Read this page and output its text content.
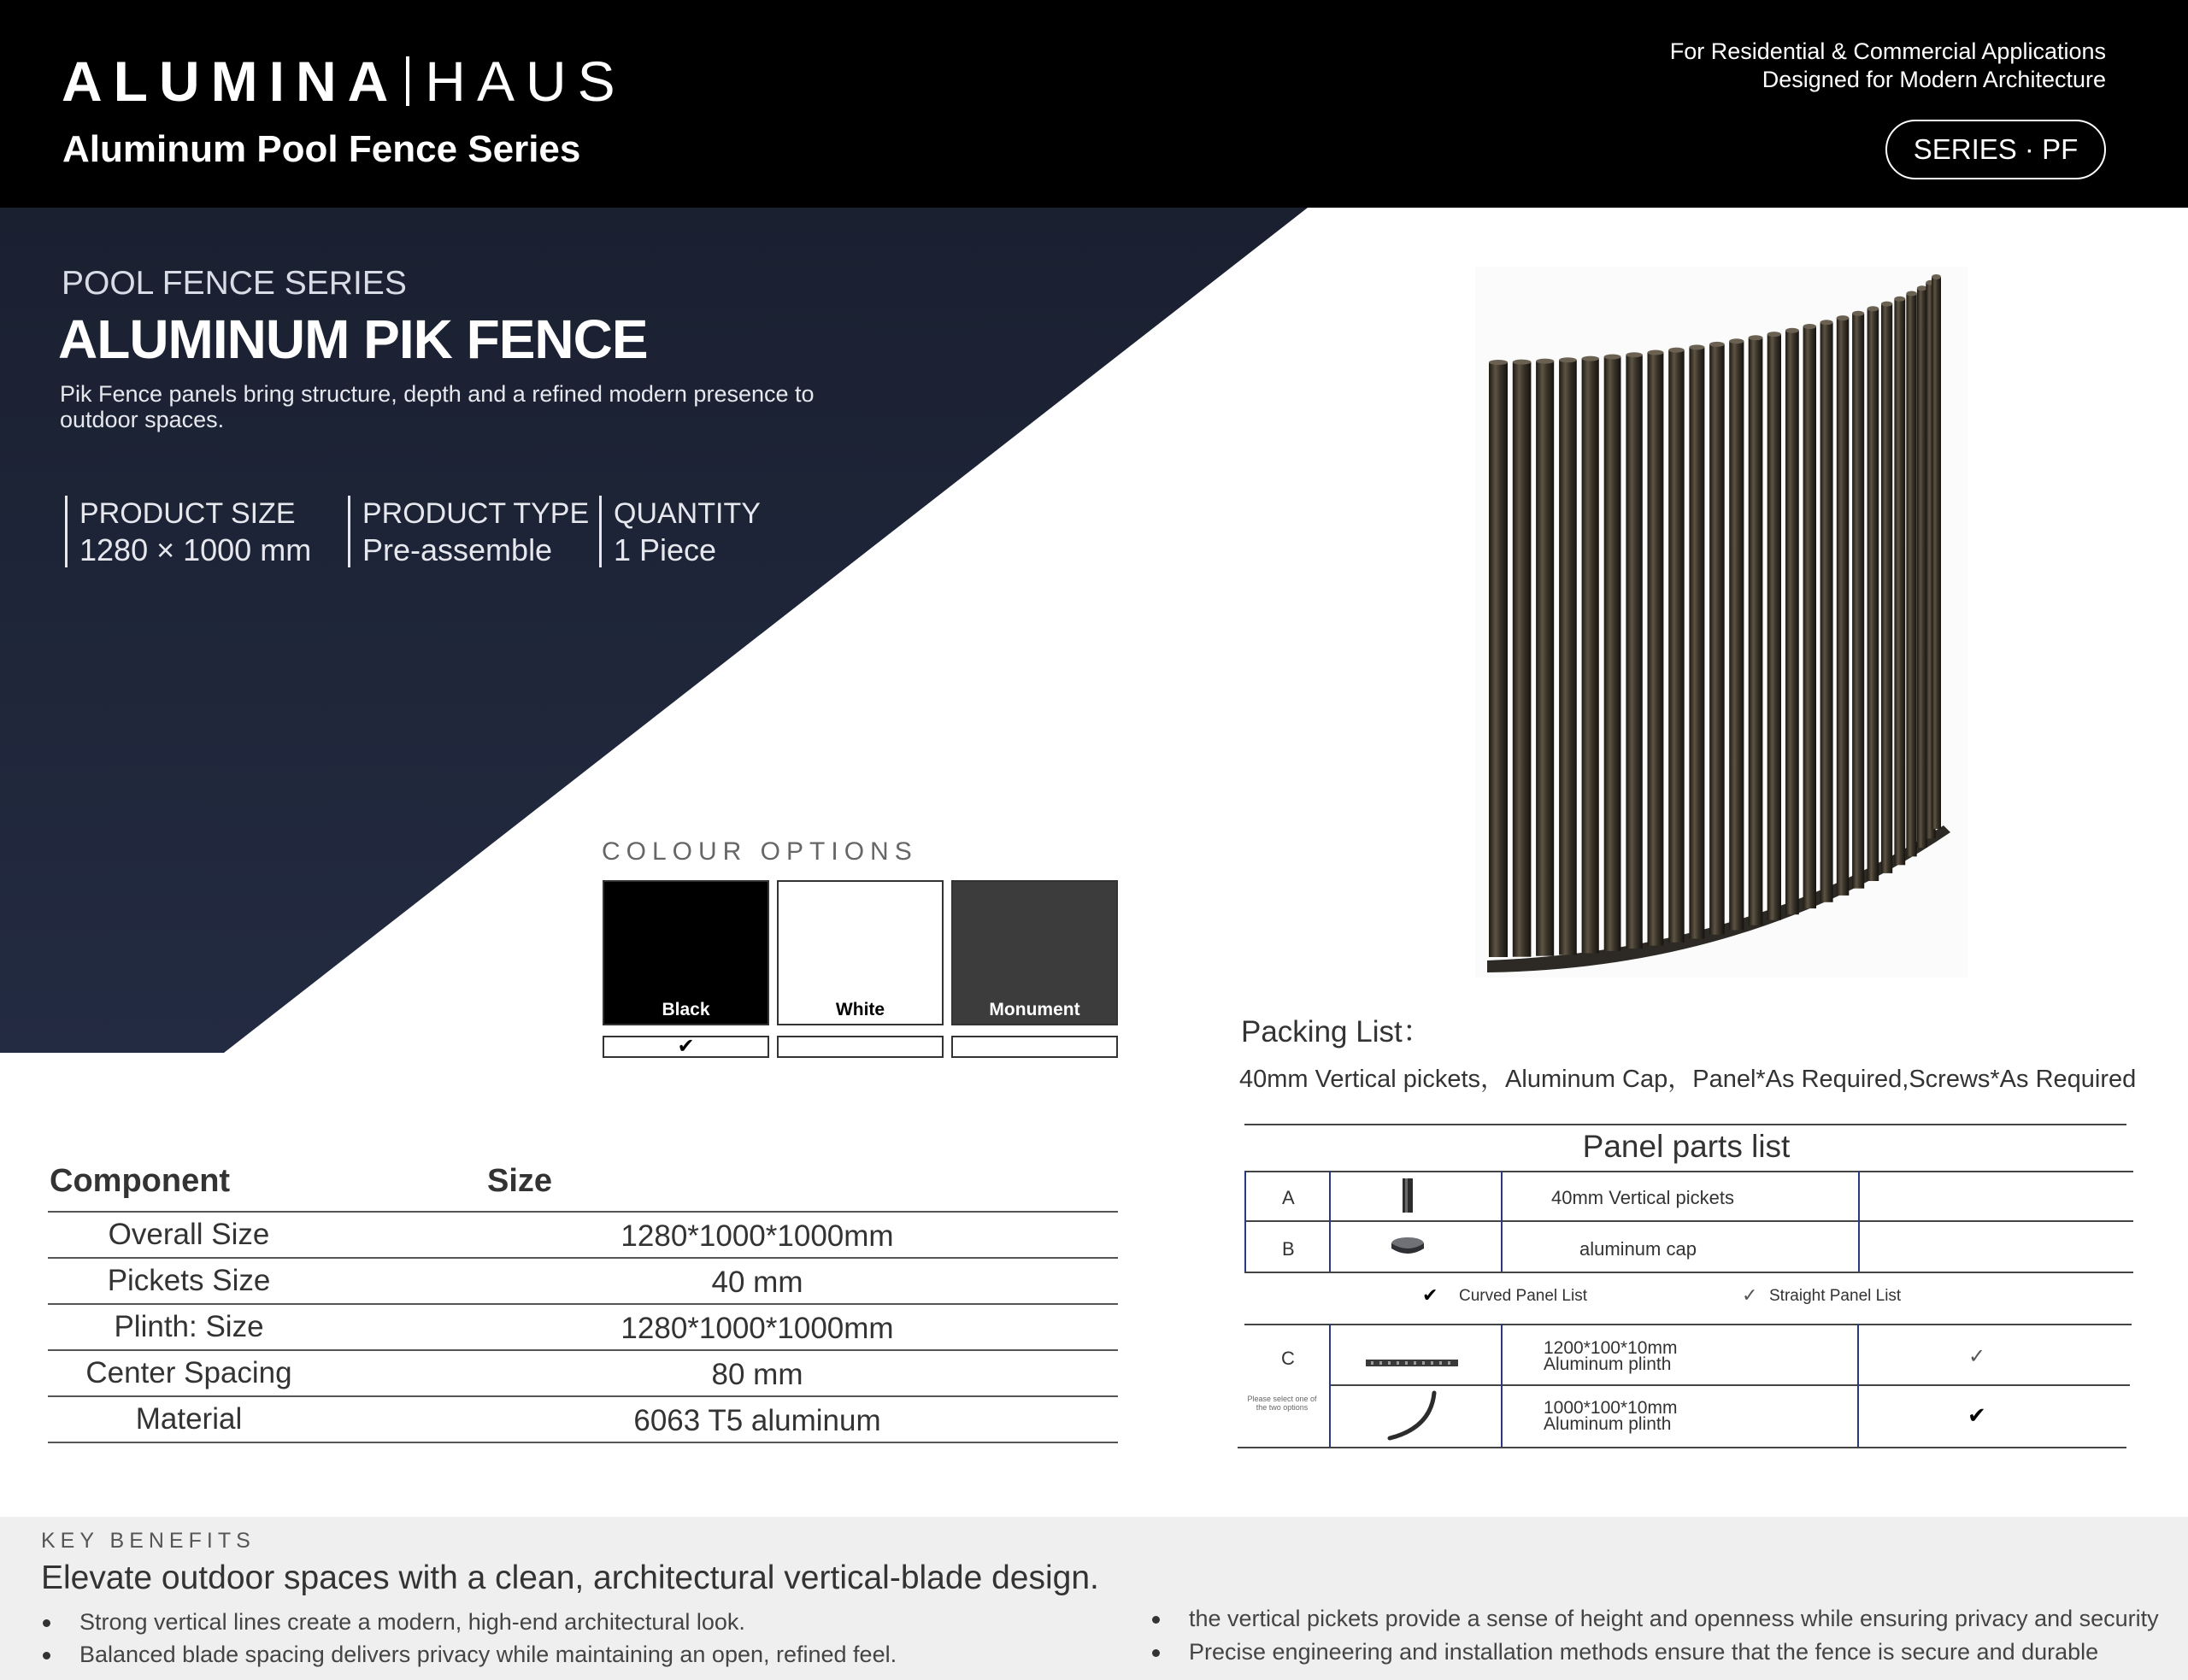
ALUMINA HAUS
Aluminum Pool Fence Series
For Residential & Commercial Applications
Designed for Modern Architecture
SERIES · PF
POOL FENCE SERIES
ALUMINUM PIK FENCE
Pik Fence panels bring structure, depth and a refined modern presence to outdoor spaces.
PRODUCT SIZE
1280 × 1000 mm
PRODUCT TYPE
Pre-assemble
QUANTITY
1 Piece
COLOUR OPTIONS
Black	White	Monument
✔	Packing List：
40mm Vertical pickets，Aluminum Cap，Panel*As Required,Screws*As Required
Component	Size
Overall Size	1280*1000*1000mm
Pickets Size	40 mm
Plinth: Size	1280*1000*1000mm
Center Spacing	80 mm
Material	6063 T5 aluminum
Panel parts list
A	40mm Vertical pickets
B	aluminum cap
✔ Curved Panel List	✓ Straight Panel List
C
Please select one of the two options
1200*100*10mm
Aluminum plinth	✓
1000*100*10mm
Aluminum plinth	✔
KEY BENEFITS
Elevate outdoor spaces with a clean, architectural vertical-blade design.
Strong vertical lines create a modern, high-end architectural look.
Balanced blade spacing delivers privacy while maintaining an open, refined feel.
the vertical pickets provide a sense of height and openness while ensuring privacy and security
Precise engineering and installation methods ensure that the fence is secure and durable
